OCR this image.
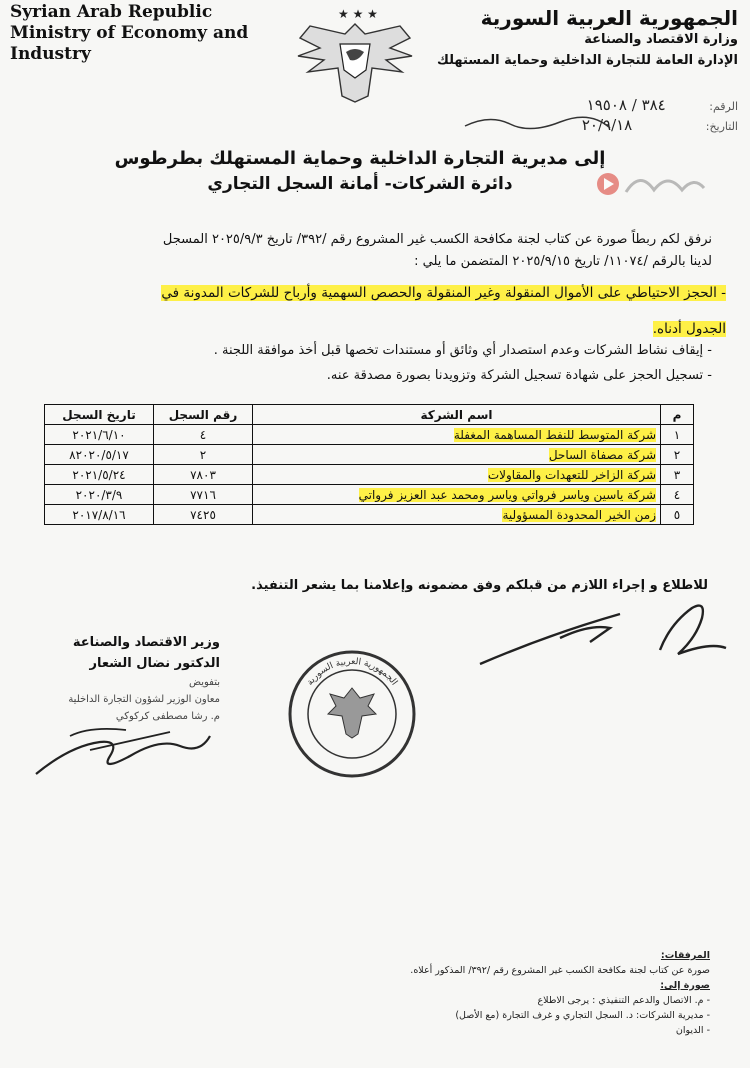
Syrian Arab Republic
Ministry of Economy and
Industry
★ ★ ★	الجمهورية العربية السورية
وزارة الاقتصاد والصناعة
الإدارة العامة للتجارة الداخلية وحماية المستهلك
الرقم: ٣٨٤ / ١٩٥٠٨
التاريخ: ٢٠/٩/١٨
إلى مديرية التجارة الداخلية وحماية المستهلك بطرطوس
دائرة الشركات- أمانة السجل التجاري
نرفق لكم ربطاً صورة عن كتاب لجنة مكافحة الكسب غير المشروع رقم /٣٩٢/ تاريخ ٢٠٢٥/٩/٣ المسجل
لدينا بالرقم /١١٠٧٤/ تاريخ ٢٠٢٥/٩/١٥ المتضمن ما يلي :
- الحجز الاحتياطي على الأموال المنقولة وغير المنقولة والحصص السهمية وأرباح للشركات المدونة في
الجدول أدناه.
- إيقاف نشاط الشركات وعدم استصدار أي وثائق أو مستندات تخصها قبل أخذ موافقة اللجنة .
- تسجيل الحجز على شهادة تسجيل الشركة وتزويدنا بصورة مصدقة عنه.
م	اسم الشركة	رقم السجل	تاريخ السجل
١	شركة المتوسط للنفط المساهمة المغفلة	٤	٢٠٢١/٦/١٠
٢	شركة مصفاة الساحل	٢	٨٢٠٢٠/٥/١٧
٣	شركة الزاخر للتعهدات والمقاولات	٧٨٠٣	٢٠٢١/٥/٢٤
٤	شركة ياسين وياسر فرواتي وياسر ومحمد عبد العزيز فرواتي	٧٧١٦	٢٠٢٠/٣/٩
٥	زمن الخير المحدودة المسؤولية	٧٤٢٥	٢٠١٧/٨/١٦
للاطلاع و إجراء اللازم من قبلكم وفق مضمونه وإعلامنا بما يشعر التنفيذ.
وزير الاقتصاد والصناعة
الدكتور نضال الشعار
بتفويض
معاون الوزير لشؤون التجارة الداخلية
م. رشا مصطفى كركوكي
الجمهورية العربية السورية
المرفقات:
صورة عن كتاب لجنة مكافحة الكسب غير المشروع رقم /٣٩٢/ المذكور أعلاه.
صورة إلى:
- م. الاتصال والدعم التنفيذي : يرجى الاطلاع
- مديرية الشركات: د. السجل التجاري و غرف التجارة (مع الأصل)
- الديوان
